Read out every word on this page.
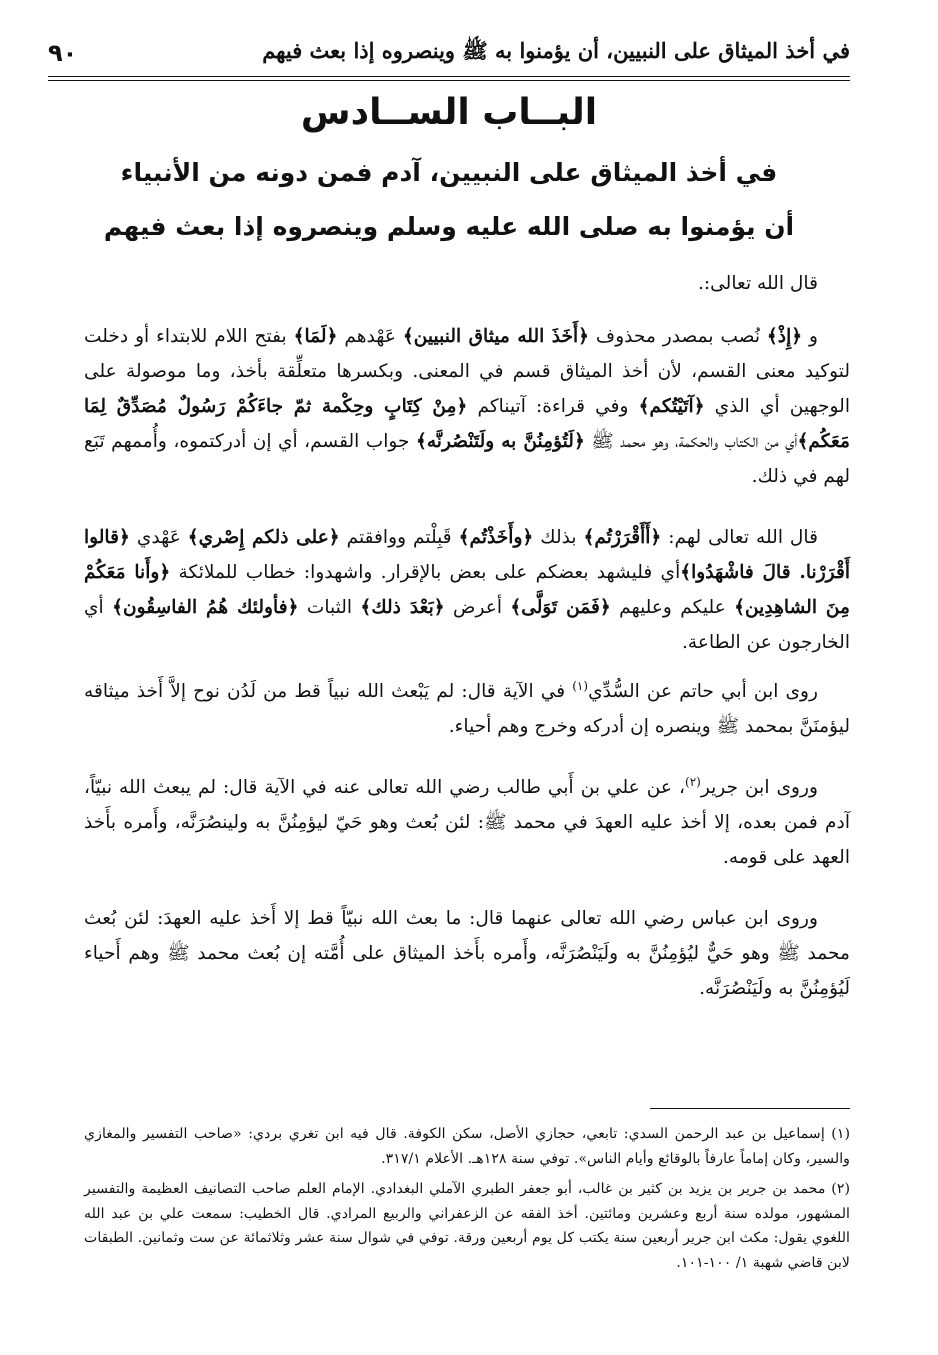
في أخذ الميثاق على النبيين، أن يؤمنوا به ﷺ وينصروه إذا بعث فيهم
٩٠
البــاب الســادس
في أخذ الميثاق على النبيين، آدم فمن دونه من الأنبياء
أن يؤمنوا به صلى الله عليه وسلم وينصروه إذا بعث فيهم

قال الله تعالى:.

و ﴿إِذْ﴾ نُصب بمصدر محذوف ﴿أَخَذَ الله ميثاق النبيين﴾ عَهْدهم ﴿لَمَا﴾ بفتح اللام للابتداء أو دخلت لتوكيد معنى القسم، لأن أخذ الميثاق قسم في المعنى. وبكسرها متعلِّقة بأخذ، وما موصولة على الوجهين أي الذي ﴿آتَيْتُكم﴾ وفي قراءة: آتيناكم ﴿مِنْ كِتَابٍ وحِكْمة ثمّ جاءَكُمْ رَسُولٌ مُصَدِّقٌ لِمَا مَعَكُم﴾أي من الكتاب والحكمة، وهو محمد ﷺ ﴿لَتُؤمِنُنَّ به ولَتَنْصُرنَّه﴾ جواب القسم، أي إن أدركتموه، وأُممهم تَبَع لهم في ذلك.

قال الله تعالى لهم: ﴿أَأَقْرَرْتُم﴾ بذلك ﴿وأَخَذْتُم﴾ قَبِلْتم ووافقتم ﴿على ذلكم إِصْري﴾ عَهْدي ﴿قالوا أَقْرَرْنا. قالَ فاشْهَدُوا﴾أي فليشهد بعضكم على بعض بالإقرار. واشهدوا: خطاب للملائكة ﴿وأَنا مَعَكُمْ مِنَ الشاهِدِين﴾ عليكم وعليهم ﴿فَمَن تَوَلَّى﴾ أعرض ﴿بَعْدَ ذلك﴾ الثبات ﴿فأولئك هُمُ الفاسِقُون﴾ أي الخارجون عن الطاعة.

روى ابن أبي حاتم عن السُّدِّي$^{(١)}$ في الآية قال: لم يَبْعث الله نبياً قط من لَدُن نوح إلاَّ أَخذ ميثاقه ليؤمنَنَّ بمحمد ﷺ وينصره إن أدركه وخرج وهم أحياء.

وروى ابن جرير$^{(٢)}$، عن علي بن أَبي طالب رضي الله تعالى عنه في الآية قال: لم يبعث الله نبيّاً، آدم فمن بعده، إلا أخذ عليه العهدَ في محمد ﷺ: لئن بُعث وهو حَيّ ليؤمِنُنَّ به ولينصُرَنَّه، وأَمره بأَخذ العهد على قومه.

وروى ابن عباس رضي الله تعالى عنهما قال: ما بعث الله نبيّاً قط إلا أَخذ عليه العهدَ: لئن بُعث محمد ﷺ وهو حَيٌّ ليُؤمِنُنَّ به ولَيَنْصُرَنَّه، وأَمره بأَخذ الميثاق على أُمَّته إن بُعث محمد ﷺ وهم أَحياء لَيُؤمِنُنَّ به ولَيَنْصُرَنَّه.

(١) إسماعيل بن عبد الرحمن السدي: تابعي، حجازي الأصل، سكن الكوفة. قال فيه ابن تغري بردي: «صاحب التفسير والمغازي والسير، وكان إماماً عارفاً بالوقائع وأيام الناس». توفي سنة ١٢٨هـ. الأعلام ٣١٧/١.

(٢) محمد بن جرير بن يزيد بن كثير بن غالب، أبو جعفر الطبري الآملي البغدادي. الإمام العلم صاحب التصانيف العظيمة والتفسير المشهور، مولده سنة أربع وعشرين ومائتين. أخذ الفقه عن الزعفراني والربيع المرادي. قال الخطيب: سمعت علي بن عبد الله اللغوي يقول: مكث ابن جرير أربعين سنة يكتب كل يوم أربعين ورقة. توفي في شوال سنة عشر وثلاثمائة عن ست وثمانين. الطبقات لابن قاضي شهبة ١/ ١٠٠-١٠١.
